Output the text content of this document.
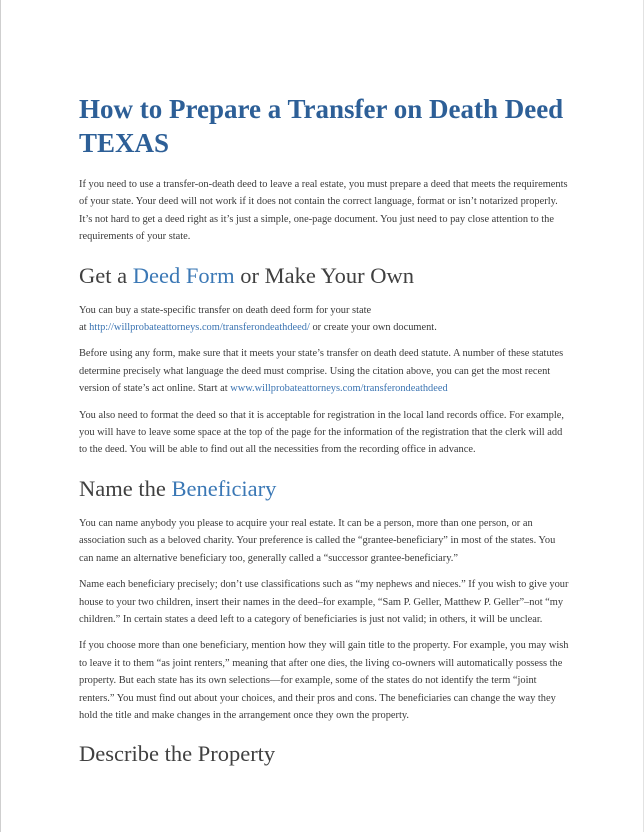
How to Prepare a Transfer on Death Deed TEXAS

If you need to use a transfer-on-death deed to leave a real estate, you must prepare a deed that meets the requirements of your state. Your deed will not work if it does not contain the correct language, format or isn’t notarized properly. It’s not hard to get a deed right as it’s just a simple, one-page document. You just need to pay close attention to the requirements of your state.

Get a Deed Form or Make Your Own

You can buy a state-specific transfer on death deed form for your state
at http://willprobateattorneys.com/transferondeathdeed/ or create your own document.

Before using any form, make sure that it meets your state’s transfer on death deed statute. A number of these statutes determine precisely what language the deed must comprise. Using the citation above, you can get the most recent version of state’s act online. Start at www.willprobateattorneys.com/transferondeathdeed

You also need to format the deed so that it is acceptable for registration in the local land records office. For example, you will have to leave some space at the top of the page for the information of the registration that the clerk will add to the deed. You will be able to find out all the necessities from the recording office in advance.

Name the Beneficiary

You can name anybody you please to acquire your real estate. It can be a person, more than one person, or an association such as a beloved charity. Your preference is called the “grantee-beneficiary” in most of the states. You can name an alternative beneficiary too, generally called a “successor grantee-beneficiary.”

Name each beneficiary precisely; don’t use classifications such as “my nephews and nieces.” If you wish to give your house to your two children, insert their names in the deed–for example, “Sam P. Geller, Matthew P. Geller”–not “my children.” In certain states a deed left to a category of beneficiaries is just not valid; in others, it will be unclear.

If you choose more than one beneficiary, mention how they will gain title to the property. For example, you may wish to leave it to them “as joint renters,” meaning that after one dies, the living co-owners will automatically possess the property. But each state has its own selections—for example, some of the states do not identify the term “joint renters.” You must find out about your choices, and their pros and cons. The beneficiaries can change the way they hold the title and make changes in the arrangement once they own the property.

Describe the Property
